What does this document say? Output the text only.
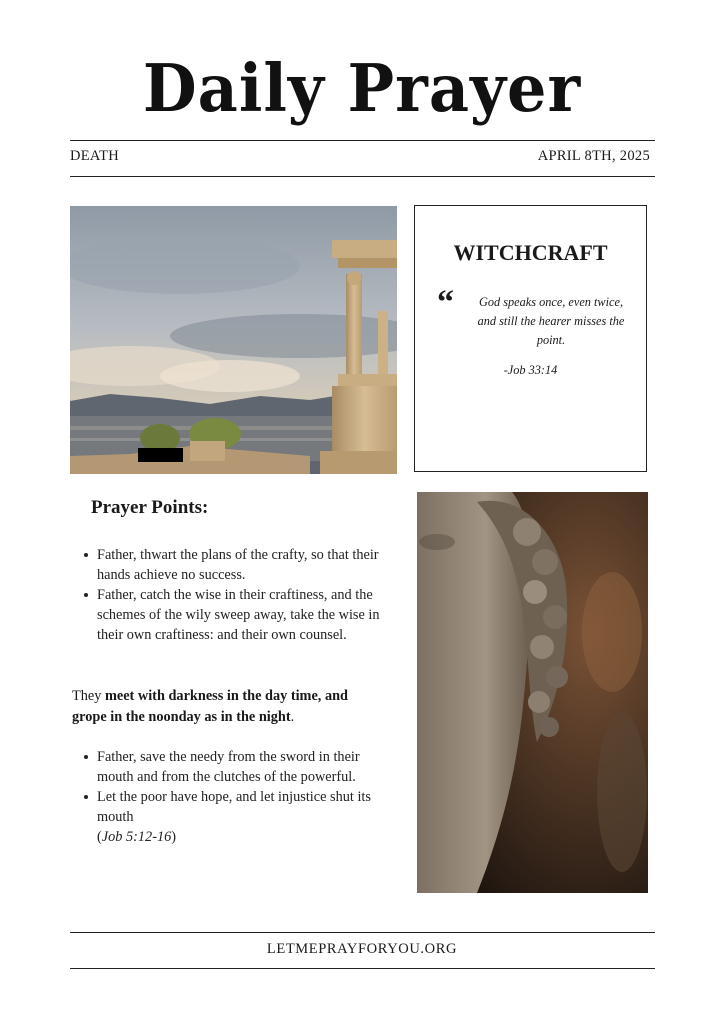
Daily Prayer
DEATH	APRIL 8TH, 2025
WITCHCRAFT
“	God speaks once, even twice, and still the hearer misses the point.
-Job 33:14
Prayer Points:
Father, thwart the plans of the crafty, so that their hands achieve no success.
Father, catch the wise in their craftiness, and the schemes of the wily sweep away, take the wise in their own craftiness: and their own counsel.
They meet with darkness in the day time, and grope in the noonday as in the night.
Father, save the needy from the sword in their mouth and from the clutches of the powerful.
Let the poor have hope, and let injustice shut its mouth
(Job 5:12-16)
LETMEPRAYFORYOU.ORG
